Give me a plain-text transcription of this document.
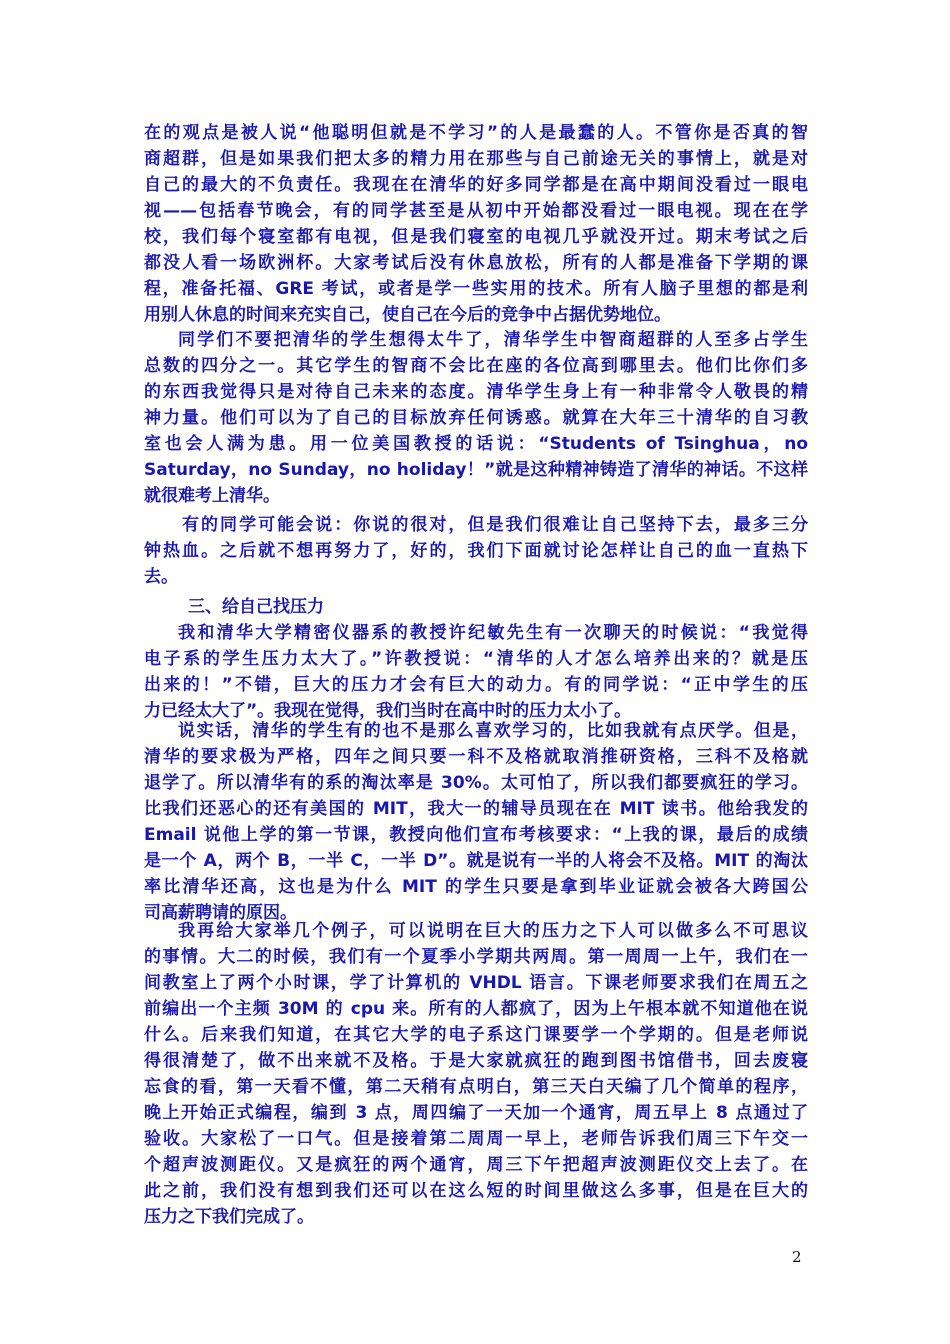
在的观点是被人说“他聪明但就是不学习”的人是最蠢的人。不管你是否真的智
商超群，但是如果我们把太多的精力用在那些与自己前途无关的事情上，就是对
自己的最大的不负责任。我现在在清华的好多同学都是在高中期间没看过一眼电
视——包括春节晚会，有的同学甚至是从初中开始都没看过一眼电视。现在在学
校，我们每个寝室都有电视，但是我们寝室的电视几乎就没开过。期末考试之后
都没人看一场欧洲杯。大家考试后没有休息放松，所有的人都是准备下学期的课
程，准备托福、GRE 考试，或者是学一些实用的技术。所有人脑子里想的都是利
用别人休息的时间来充实自己，使自己在今后的竞争中占据优势地位。
同学们不要把清华的学生想得太牛了，清华学生中智商超群的人至多占学生
总数的四分之一。其它学生的智商不会比在座的各位高到哪里去。他们比你们多
的东西我觉得只是对待自己未来的态度。清华学生身上有一种非常令人敬畏的精
神力量。他们可以为了自己的目标放弃任何诱惑。就算在大年三十清华的自习教
室也会人满为患。用一位美国教授的话说：“Students of Tsinghua，no
Saturday，no Sunday，no holiday！”就是这种精神铸造了清华的神话。不这样
就很难考上清华。
有的同学可能会说：你说的很对，但是我们很难让自己坚持下去，最多三分
钟热血。之后就不想再努力了，好的，我们下面就讨论怎样让自己的血一直热下
去。
三、给自己找压力
我和清华大学精密仪器系的教授许纪敏先生有一次聊天的时候说：“我觉得
电子系的学生压力太大了。”许教授说：“清华的人才怎么培养出来的？就是压
出来的！”不错，巨大的压力才会有巨大的动力。有的同学说：“正中学生的压
力已经太大了”。我现在觉得，我们当时在高中时的压力太小了。
说实话，清华的学生有的也不是那么喜欢学习的，比如我就有点厌学。但是，
清华的要求极为严格，四年之间只要一科不及格就取消推研资格，三科不及格就
退学了。所以清华有的系的淘汰率是 30%。太可怕了，所以我们都要疯狂的学习。
比我们还恶心的还有美国的 MIT，我大一的辅导员现在在 MIT 读书。他给我发的
Email 说他上学的第一节课，教授向他们宣布考核要求：“上我的课，最后的成绩
是一个 A，两个 B，一半 C，一半 D”。就是说有一半的人将会不及格。MIT 的淘汰
率比清华还高，这也是为什么 MIT 的学生只要是拿到毕业证就会被各大跨国公
司高薪聘请的原因。
我再给大家举几个例子，可以说明在巨大的压力之下人可以做多么不可思议
的事情。大二的时候，我们有一个夏季小学期共两周。第一周周一上午，我们在一
间教室上了两个小时课，学了计算机的 VHDL 语言。下课老师要求我们在周五之
前编出一个主频 30M 的 cpu 来。所有的人都疯了，因为上午根本就不知道他在说
什么。后来我们知道，在其它大学的电子系这门课要学一个学期的。但是老师说
得很清楚了，做不出来就不及格。于是大家就疯狂的跑到图书馆借书，回去废寝
忘食的看，第一天看不懂，第二天稍有点明白，第三天白天编了几个简单的程序，
晚上开始正式编程，编到 3 点，周四编了一天加一个通宵，周五早上 8 点通过了
验收。大家松了一口气。但是接着第二周周一早上，老师告诉我们周三下午交一
个超声波测距仪。又是疯狂的两个通宵，周三下午把超声波测距仪交上去了。在
此之前，我们没有想到我们还可以在这么短的时间里做这么多事，但是在巨大的
压力之下我们完成了。
2
